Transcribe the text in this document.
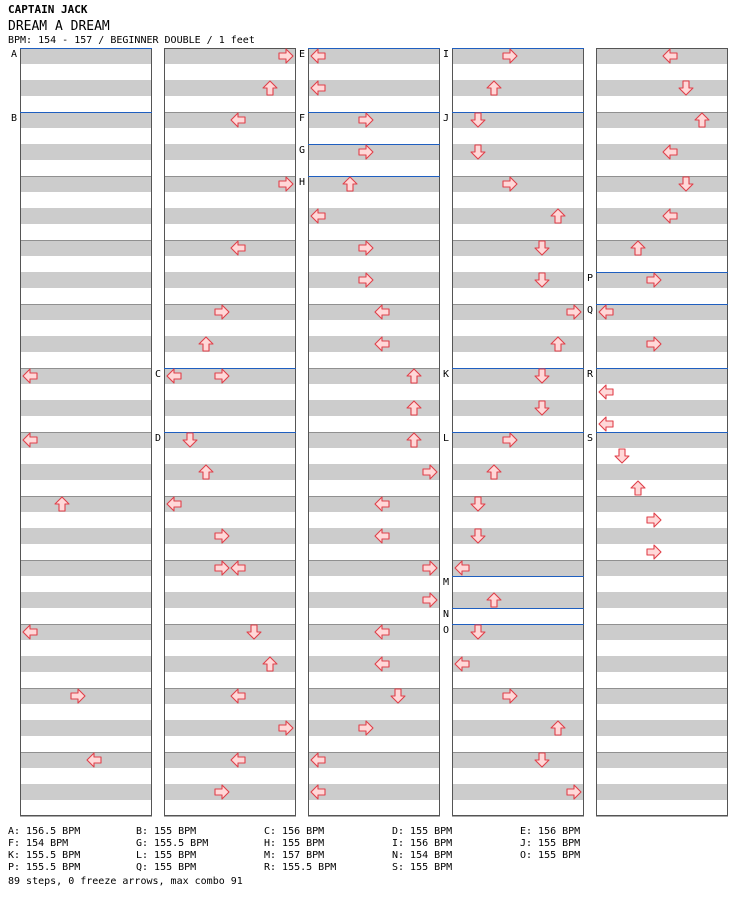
CAPTAIN JACK
DREAM A DREAM
BPM: 154 - 157 / BEGINNER DOUBLE / 1 feet
A
B
C
D
E
F
G
H
I
J
K
L
M
N
O
P
Q
R
S
A: 156.5 BPM
F: 154 BPM
K: 155.5 BPM
P: 155.5 BPM
B: 155 BPM
G: 155.5 BPM
L: 155 BPM
Q: 155 BPM
C: 156 BPM
H: 155 BPM
M: 157 BPM
R: 155.5 BPM
D: 155 BPM
I: 156 BPM
N: 154 BPM
S: 155 BPM
E: 156 BPM
J: 155 BPM
O: 155 BPM
89 steps, 0 freeze arrows, max combo 91
